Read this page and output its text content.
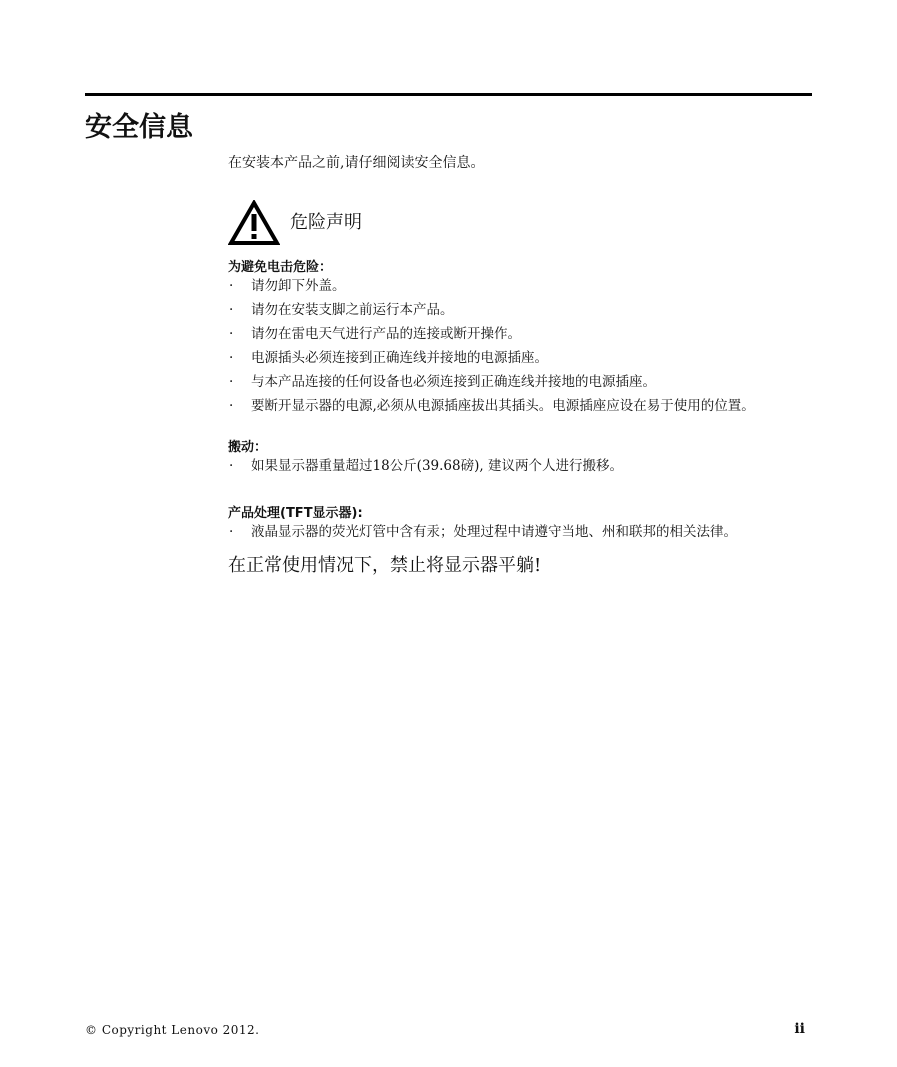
安全信息

在安装本产品之前,请仔细阅读安全信息。

危险声明
为避免电击危险：
· 请勿卸下外盖。
· 请勿在安装支脚之前运行本产品。
· 请勿在雷电天气进行产品的连接或断开操作。
· 电源插头必须连接到正确连线并接地的电源插座。
· 与本产品连接的任何设备也必须连接到正确连线并接地的电源插座。
· 要断开显示器的电源,必须从电源插座拔出其插头。电源插座应设在易于使用的位置。
搬动：
· 如果显示器重量超过18公斤(39.68磅), 建议两个人进行搬移。
产品处理(TFT显示器):
· 液晶显示器的荧光灯管中含有汞；处理过程中请遵守当地、州和联邦的相关法律。

在正常使用情况下，禁止将显示器平躺!

© Copyright Lenovo 2012.	ii
